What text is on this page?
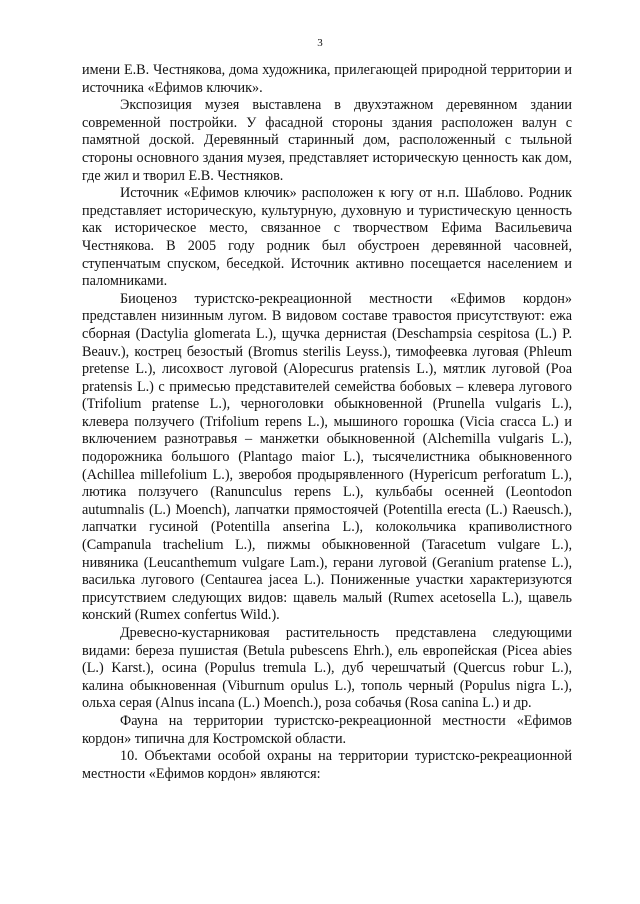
3

имени Е.В. Честнякова, дома художника, прилегающей природной территории и источника «Ефимов ключик».

Экспозиция музея выставлена в двухэтажном деревянном здании современной постройки. У фасадной стороны здания расположен валун с памятной доской. Деревянный старинный дом, расположенный с тыльной стороны основного здания музея, представляет историческую ценность как дом, где жил и творил Е.В. Честняков.

Источник «Ефимов ключик» расположен к югу от н.п. Шаблово. Родник представляет историческую, культурную, духовную и туристическую ценность как историческое место, связанное с творчеством Ефима Васильевича Честнякова. В 2005 году родник был обустроен деревянной часовней, ступенчатым спуском, беседкой. Источник активно посещается населением и паломниками.

Биоценоз туристско-рекреационной местности «Ефимов кордон» представлен низинным лугом. В видовом составе травостоя присутствуют: ежа сборная (Dactylia glomerata L.), щучка дернистая (Deschampsia cespitosa (L.) P. Beauv.), кострец безостый (Bromus sterilis Leyss.), тимофеевка луговая (Phleum pretense L.), лисохвост луговой (Alopecurus pratensis L.), мятлик луговой (Poa pratensis L.) с примесью представителей семейства бобовых – клевера лугового (Trifolium pratense L.), черноголовки обыкновенной (Prunella vulgaris L.), клевера ползучего (Trifolium repens L.), мышиного горошка (Vicia cracca L.) и включением разнотравья – манжетки обыкновенной (Alchemilla vulgaris L.), подорожника большого (Plantago maior L.), тысячелистника обыкновенного (Achillea millefolium L.), зверобоя продырявленного (Hypericum perforatum L.), лютика ползучего (Ranunculus repens L.), кульбабы осенней (Leontodon autumnalis (L.) Moench), лапчатки прямостоячей (Potentilla erecta (L.) Raeusch.), лапчатки гусиной (Potentilla anserina L.), колокольчика крапиволистного (Campanula trachelium L.), пижмы обыкновенной (Taracetum vulgare L.), нивяника (Leucanthemum vulgare Lam.), герани луговой (Geranium pratense L.), василька лугового (Centaurea jacea L.). Пониженные участки характеризуются присутствием следующих видов: щавель малый (Rumex acetosella L.), щавель конский (Rumex confertus Wild.).

Древесно-кустарниковая растительность представлена следующими видами: береза пушистая (Betula pubescens Ehrh.), ель европейская (Picea abies (L.) Karst.), осина (Populus tremula L.), дуб черешчатый (Quercus robur L.), калина обыкновенная (Viburnum opulus L.), тополь черный (Populus nigra L.), ольха серая (Alnus incana (L.) Moench.), роза собачья (Rosa canina L.) и др.

Фауна на территории туристско-рекреационной местности «Ефимов кордон» типична для Костромской области.

10. Объектами особой охраны на территории туристско-рекреационной местности «Ефимов кордон» являются:
